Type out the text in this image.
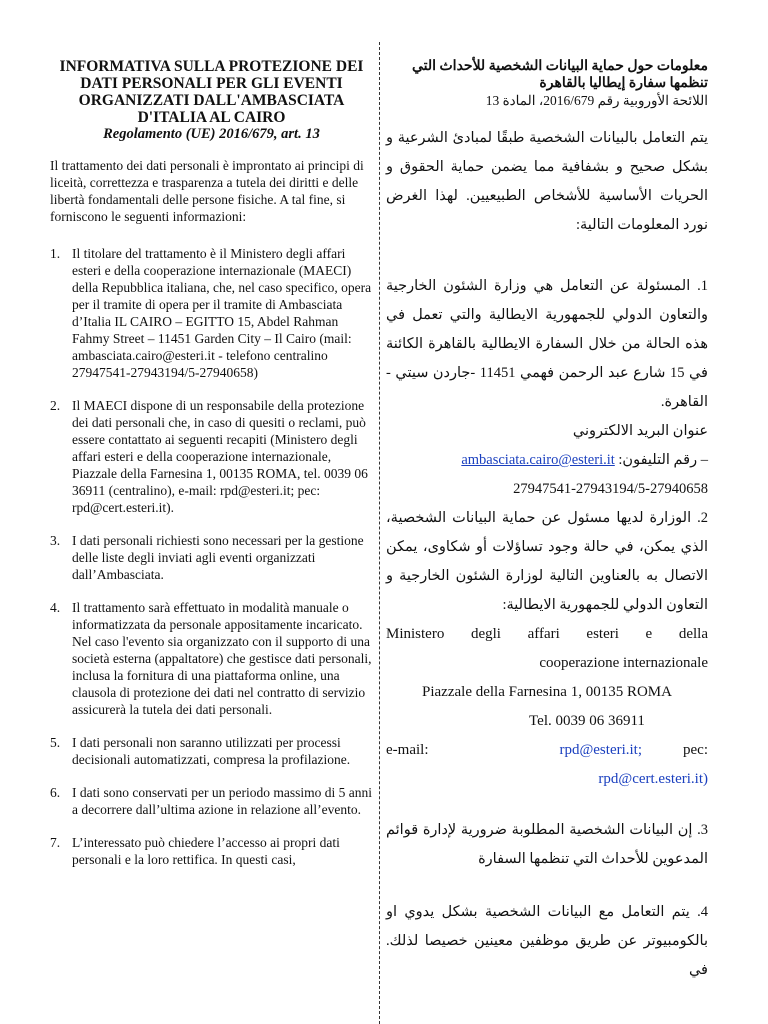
INFORMATIVA SULLA PROTEZIONE DEI DATI PERSONALI PER GLI EVENTI ORGANIZZATI DALL'AMBASCIATA D'ITALIA AL CAIRO

Regolamento (UE) 2016/679, art. 13

Il trattamento dei dati personali è improntato ai principi di liceità, correttezza e trasparenza a tutela dei diritti e delle libertà fondamentali delle persone fisiche. A tal fine, si forniscono le seguenti informazioni:

1. Il titolare del trattamento è il Ministero degli affari esteri e della cooperazione internazionale (MAECI) della Repubblica italiana, che, nel caso specifico, opera per il tramite di opera per il tramite di Ambasciata d’Italia IL CAIRO – EGITTO 15, Abdel Rahman Fahmy Street – 11451 Garden City – Il Cairo (mail: ambasciata.cairo@esteri.it - telefono centralino 27947541-27943194/5-27940658)
2. Il MAECI dispone di un responsabile della protezione dei dati personali che, in caso di quesiti o reclami, può essere contattato ai seguenti recapiti (Ministero degli affari esteri e della cooperazione internazionale, Piazzale della Farnesina 1, 00135 ROMA, tel. 0039 06 36911 (centralino), e-mail: rpd@esteri.it; pec: rpd@cert.esteri.it).
3. I dati personali richiesti sono necessari per la gestione delle liste degli inviati agli eventi organizzati dall’Ambasciata.
4. Il trattamento sarà effettuato in modalità manuale o informatizzata da personale appositamente incaricato. Nel caso l'evento sia organizzato con il supporto di una società esterna (appaltatore) che gestisce dati personali, inclusa la fornitura di una piattaforma online, una clausola di protezione dei dati nel contratto di servizio assicurerà la tutela dei dati personali.
5. I dati personali non saranno utilizzati per processi decisionali automatizzati, compresa la profilazione.
6. I dati sono conservati per un periodo massimo di 5 anni a decorrere dall’ultima azione in relazione all’evento.
7. L’interessato può chiedere l’accesso ai propri dati personali e la loro rettifica. In questi casi,

معلومات حول حماية البيانات الشخصية للأحداث التي تنظمها سفارة إيطاليا بالقاهرة

اللائحة الأوروبية رقم 2016/679، المادة 13

يتم التعامل بالبيانات الشخصية طبقًا لمبادئ الشرعية و بشكل صحيح و بشفافية مما يضمن حماية الحقوق و الحريات الأساسية للأشخاص الطبيعيين. لهذا الغرض نورد المعلومات التالية:

1. المسئولة عن التعامل هي وزارة الشئون الخارجية والتعاون الدولي للجمهورية الايطالية والتي تعمل في هذه الحالة من خلال السفارة الايطالية بالقاهرة الكائنة في 15 شارع عبد الرحمن فهمي 11451 -جاردن سيتي - القاهرة.

عنوان البريد الالكتروني

– رقم التليفون: ambasciata.cairo@esteri.it

27947541-27943194/5-27940658

2. الوزارة لديها مسئول عن حماية البيانات الشخصية، الذي يمكن، في حالة وجود تساؤلات أو شكاوى، يمكن الاتصال به بالعناوين التالية لوزارة الشئون الخارجية و التعاون الدولي للجمهورية الايطالية:

Ministero degli affari esteri e della
cooperazione internazionale
Piazzale della Farnesina 1, 00135 ROMA
Tel. 0039 06 36911
e-mail:	rpd@esteri.it;	pec:
rpd@cert.esteri.it)

3. إن البيانات الشخصية المطلوبة ضرورية لإدارة قوائم المدعوين للأحداث التي تنظمها السفارة

4. يتم التعامل مع البيانات الشخصية بشكل يدوي او بالكومبيوتر عن طريق موظفين معينين خصيصا لذلك. في
